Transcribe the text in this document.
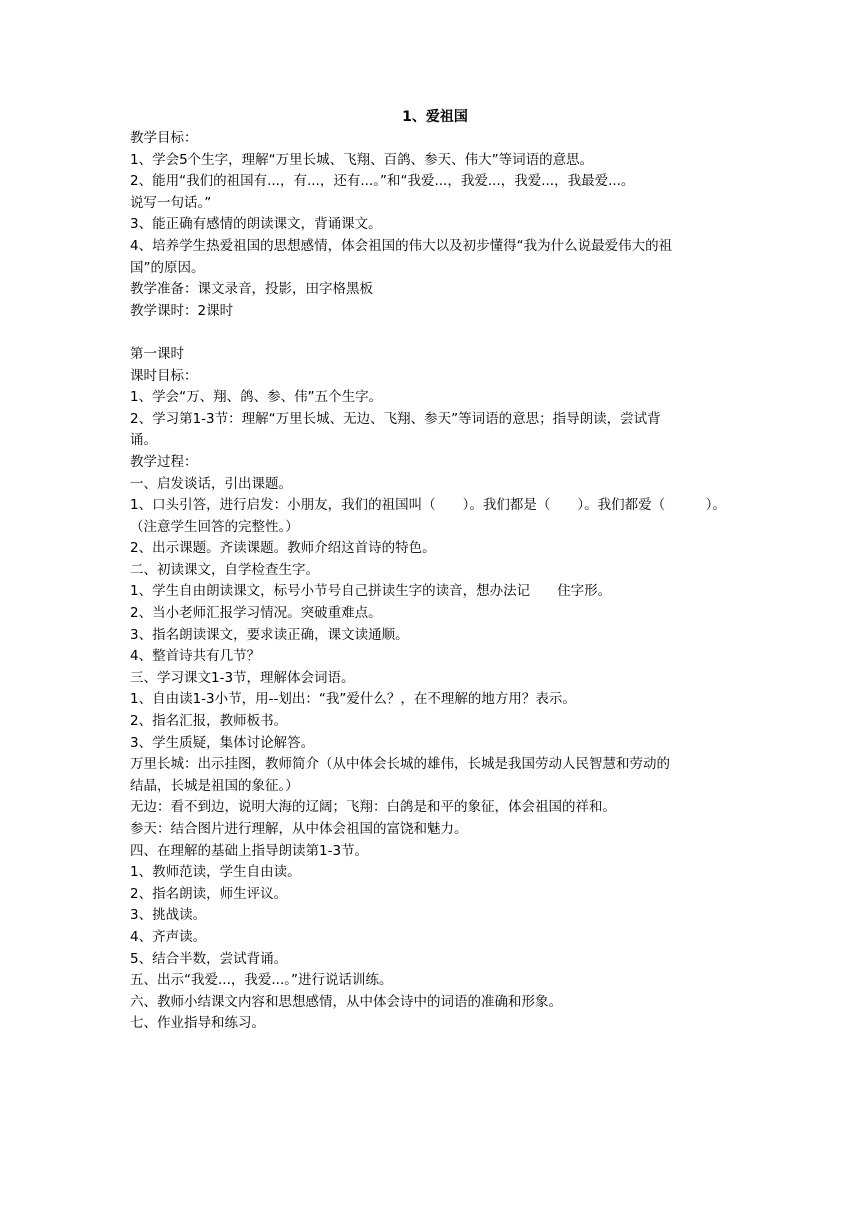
1、爱祖国

教学目标：

1、学会5个生字，理解“万里长城、飞翔、百鸽、参天、伟大”等词语的意思。

2、能用“我们的祖国有...，有...，还有...。”和“我爱...，我爱...，我爱...，我最爱...。

说写一句话。”

3、能正确有感情的朗读课文，背诵课文。

4、培养学生热爱祖国的思想感情，体会祖国的伟大以及初步懂得“我为什么说最爱伟大的祖

国”的原因。

教学准备：课文录音，投影，田字格黑板

教学课时：2课时

第一课时

课时目标：

1、学会“万、翔、鸽、参、伟”五个生字。

2、学习第1-3节：理解“万里长城、无边、飞翔、参天”等词语的意思；指导朗读，尝试背

诵。

教学过程：

一、启发谈话，引出课题。

1、口头引答，进行启发：小朋友，我们的祖国叫（　　）。我们都是（　　）。我们都爱（　　　）。

（注意学生回答的完整性。）

2、出示课题。齐读课题。教师介绍这首诗的特色。

二、初读课文，自学检查生字。

1、学生自由朗读课文，标号小节号自己拼读生字的读音，想办法记　　住字形。

2、当小老师汇报学习情况。突破重难点。

3、指名朗读课文，要求读正确，课文读通顺。

4、整首诗共有几节？

三、学习课文1-3节，理解体会词语。

1、自由读1-3小节，用--划出：“我”爱什么？，在不理解的地方用？表示。

2、指名汇报，教师板书。

3、学生质疑，集体讨论解答。

万里长城：出示挂图，教师简介（从中体会长城的雄伟，长城是我国劳动人民智慧和劳动的

结晶，长城是祖国的象征。）

无边：看不到边，说明大海的辽阔；飞翔：白鸽是和平的象征，体会祖国的祥和。

参天：结合图片进行理解，从中体会祖国的富饶和魅力。

四、在理解的基础上指导朗读第1-3节。

1、教师范读，学生自由读。

2、指名朗读，师生评议。

3、挑战读。

4、齐声读。

5、结合半数，尝试背诵。

五、出示“我爱...，我爱...。”进行说话训练。

六、教师小结课文内容和思想感情，从中体会诗中的词语的准确和形象。

七、作业指导和练习。
